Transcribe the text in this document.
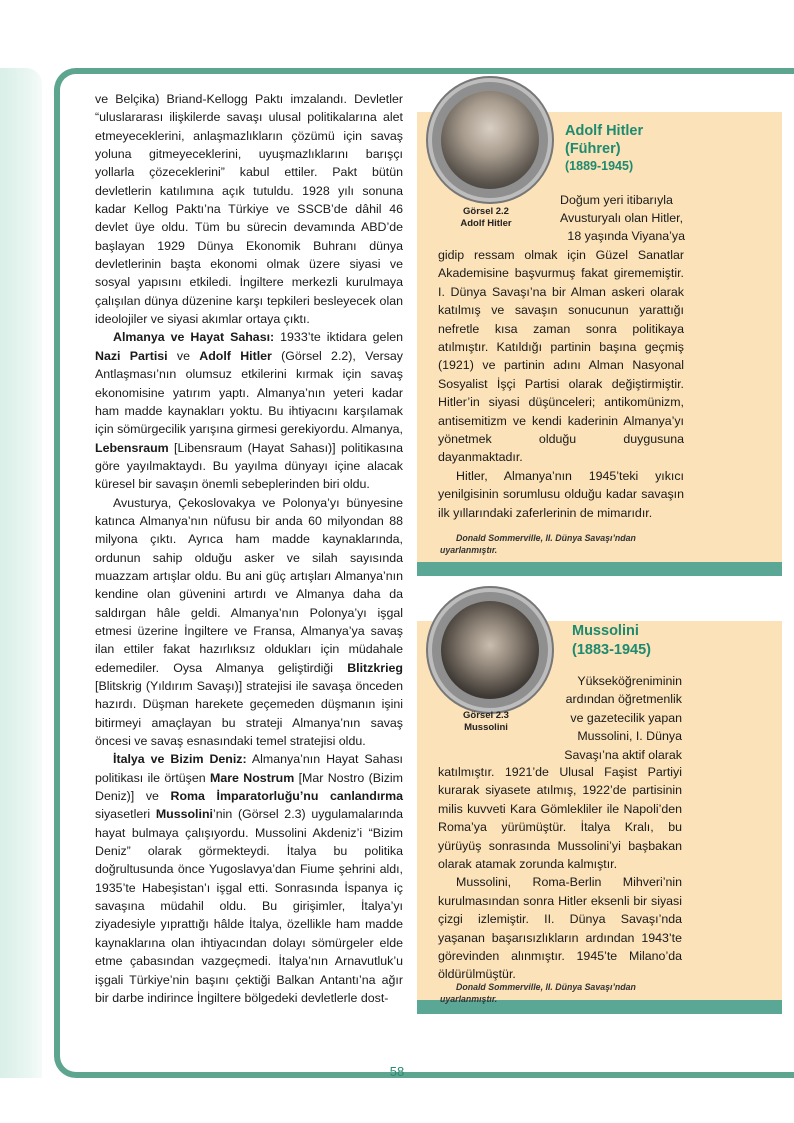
ve Belçika) Briand-Kellogg Paktı imzalandı. Devletler “uluslararası ilişkilerde savaşı ulusal politikalarına alet etmeyeceklerini, anlaşmazlıkların çözümü için savaş yoluna gitmeyeceklerini, uyuşmazlıklarını barışçı yollarla çözeceklerini” kabul ettiler. Pakt bütün devletlerin katılımına açık tutuldu. 1928 yılı sonuna kadar Kellog Paktı’na Türkiye ve SSCB’de dâhil 46 devlet üye oldu. Tüm bu sürecin devamında ABD’de başlayan 1929 Dünya Ekonomik Buhranı dünya devletlerinin başta ekonomi olmak üzere siyasi ve sosyal yapısını etkiledi. İngiltere merkezli kurulmaya çalışılan dünya düzenine karşı tepkileri besleyecek olan ideolojiler ve siyasi akımlar ortaya çıktı.

Almanya ve Hayat Sahası: 1933’te iktidara gelen Nazi Partisi ve Adolf Hitler (Görsel 2.2), Versay Antlaşması’nın olumsuz etkilerini kırmak için savaş ekonomisine yatırım yaptı. Almanya’nın yeteri kadar ham madde kaynakları yoktu. Bu ihtiyacını karşılamak için sömürgecilik yarışına girmesi gerekiyordu. Almanya, Lebensraum [Libensraum (Hayat Sahası)] politikasına göre yayılmaktaydı. Bu yayılma dünyayı içine alacak küresel bir savaşın önemli sebeplerinden biri oldu.

Avusturya, Çekoslovakya ve Polonya’yı bünyesine katınca Almanya’nın nüfusu bir anda 60 milyondan 88 milyona çıktı. Ayrıca ham madde kaynaklarında, ordunun sahip olduğu asker ve silah sayısında muazzam artışlar oldu. Bu ani güç artışları Almanya’nın kendine olan güvenini artırdı ve Almanya daha da saldırgan hâle geldi. Almanya’nın Polonya’yı işgal etmesi üzerine İngiltere ve Fransa, Almanya’ya savaş ilan ettiler fakat hazırlıksız oldukları için müdahale edemediler. Oysa Almanya geliştirdiği Blitzkrieg [Blitskrig (Yıldırım Savaşı)] stratejisi ile savaşa önceden hazırdı. Düşman harekete geçemeden düşmanın işini bitirmeyi amaçlayan bu strateji Almanya’nın savaş öncesi ve savaş esnasındaki temel stratejisi oldu.

İtalya ve Bizim Deniz: Almanya’nın Hayat Sahası politikası ile örtüşen Mare Nostrum [Mar Nostro (Bizim Deniz)] ve Roma İmparatorluğu’nu canlandırma siyasetleri Mussolini’nin (Görsel 2.3) uygulamalarında hayat bulmaya çalışıyordu. Mussolini Akdeniz’i “Bizim Deniz” olarak görmekteydi. İtalya bu politika doğrultusunda önce Yugoslavya’dan Fiume şehrini aldı, 1935’te Habeşistan’ı işgal etti. Sonrasında İspanya iç savaşına müdahil oldu. Bu girişimler, İtalya’yı ziyadesiyle yıprattığı hâlde İtalya, özellikle ham madde kaynaklarına olan ihtiyacından dolayı sömürgeler elde etme çabasından vazgeçmedi. İtalya’nın Arnavutluk’u işgali Türkiye’nin başını çektiği Balkan Antantı’na ağır bir darbe indirince İngiltere bölgedeki devletlerle dost-

Adolf Hitler
(Führer)
(1889-1945)
Görsel 2.2
Adolf Hitler
Doğum yeri itibarıyla Avusturyalı olan Hitler,
18 yaşında Viyana’ya

gidip ressam olmak için Güzel Sanatlar Akademisine başvurmuş fakat girememiştir. I. Dünya Savaşı’na bir Alman askeri olarak katılmış ve savaşın sonucunun yarattığı nefretle kısa zaman sonra politikaya atılmıştır. Katıldığı partinin başına geçmiş (1921) ve partinin adını Alman Nasyonal Sosyalist İşçi Partisi olarak değiştirmiştir. Hitler’in siyasi düşünceleri; antikomünizm, antisemitizm ve kendi kaderinin Almanya’yı yönetmek olduğu duygusuna dayanmaktadır.

Hitler, Almanya’nın 1945’teki yıkıcı yenilgisinin sorumlusu olduğu kadar savaşın ilk yıllarındaki zaferlerinin de mimarıdır.

Donald Sommerville, II. Dünya Savaşı’ndan
uyarlanmıştır.
Mussolini
(1883-1945)
Görsel 2.3
Mussolini
Yükseköğreniminin ardından öğretmenlik ve gazetecilik yapan Mussolini, I. Dünya Savaşı’na aktif olarak

katılmıştır. 1921’de Ulusal Faşist Partiyi kurarak siyasete atılmış, 1922’de partisinin milis kuvveti Kara Gömlekliler ile Napoli’den Roma’ya yürümüştür. İtalya Kralı, bu yürüyüş sonrasında Mussolini’yi başbakan olarak atamak zorunda kalmıştır.

Mussolini, Roma-Berlin Mihveri’nin kurulmasından sonra Hitler eksenli bir siyasi çizgi izlemiştir. II. Dünya Savaşı’nda yaşanan başarısızlıkların ardından 1943’te görevinden alınmıştır. 1945’te Milano’da öldürülmüştür.

Donald Sommerville, II. Dünya Savaşı’ndan
uyarlanmıştır.
58
